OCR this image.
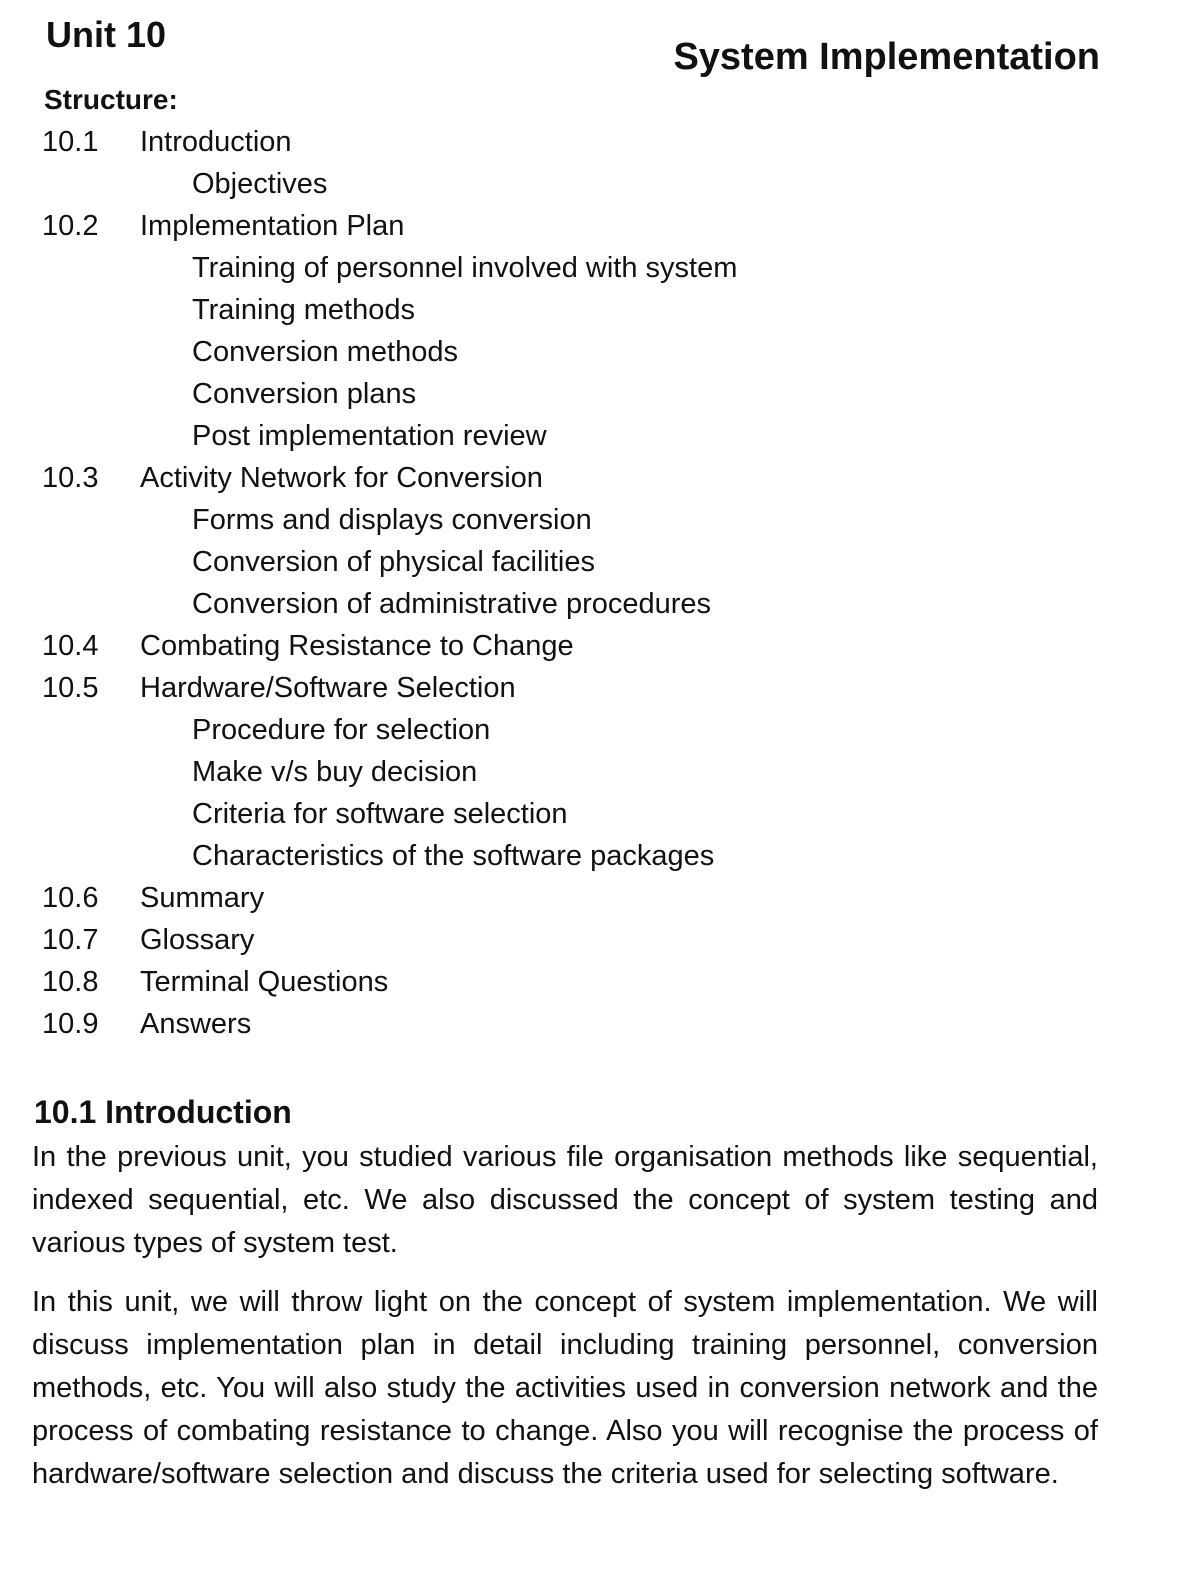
Unit 10
System Implementation
Structure:
10.1 Introduction
Objectives
10.2 Implementation Plan
Training of personnel involved with system
Training methods
Conversion methods
Conversion plans
Post implementation review
10.3 Activity Network for Conversion
Forms and displays conversion
Conversion of physical facilities
Conversion of administrative procedures
10.4 Combating Resistance to Change
10.5 Hardware/Software Selection
Procedure for selection
Make v/s buy decision
Criteria for software selection
Characteristics of the software packages
10.6 Summary
10.7 Glossary
10.8 Terminal Questions
10.9 Answers
10.1 Introduction

In the previous unit, you studied various file organisation methods like sequential, indexed sequential, etc. We also discussed the concept of system testing and various types of system test.

In this unit, we will throw light on the concept of system implementation. We will discuss implementation plan in detail including training personnel, conversion methods, etc. You will also study the activities used in conversion network and the process of combating resistance to change. Also you will recognise the process of hardware/software selection and discuss the criteria used for selecting software.
